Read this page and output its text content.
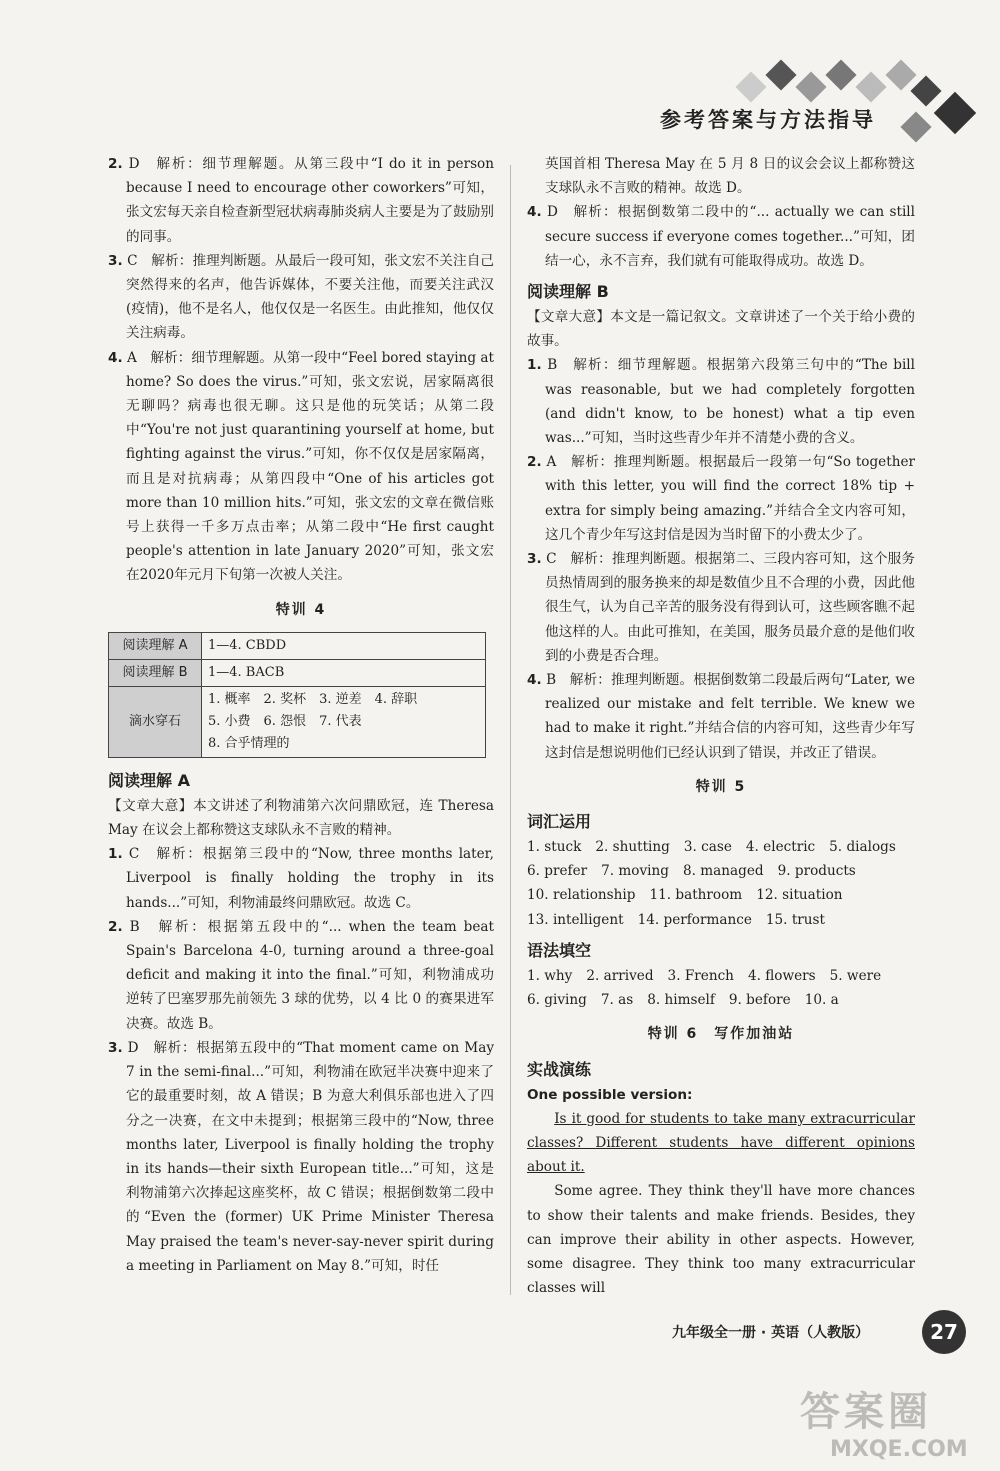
参考答案与方法指导
2. D　解析：细节理解题。从第三段中“I do it in person because I need to encourage other coworkers”可知，张文宏每天亲自检查新型冠状病毒肺炎病人主要是为了鼓励别的同事。
3. C　解析：推理判断题。从最后一段可知，张文宏不关注自己突然得来的名声，他告诉媒体，不要关注他，而要关注武汉(疫情)，他不是名人，他仅仅是一名医生。由此推知，他仅仅关注病毒。
4. A　解析：细节理解题。从第一段中“Feel bored staying at home? So does the virus.”可知，张文宏说，居家隔离很无聊吗？病毒也很无聊。这只是他的玩笑话；从第二段中“You're not just quarantining yourself at home, but fighting against the virus.”可知，你不仅仅是居家隔离，而且是对抗病毒；从第四段中“One of his articles got more than 10 million hits.”可知，张文宏的文章在微信账号上获得一千多万点击率；从第二段中“He first caught people's attention in late January 2020”可知，张文宏在2020年元月下旬第一次被人关注。
特训 4
阅读理解 A	1—4. CBDD
阅读理解 B	1—4. BACB
滴水穿石	1. 概率　2. 奖杯　3. 逆差　4. 辞职
5. 小费　6. 怨恨　7. 代表
8. 合乎情理的
阅读理解 A
【文章大意】本文讲述了利物浦第六次问鼎欧冠，连 Theresa May 在议会上都称赞这支球队永不言败的精神。
1. C　解析：根据第三段中的“Now, three months later, Liverpool is finally holding the trophy in its hands...”可知，利物浦最终问鼎欧冠。故选 C。
2. B　解析：根据第五段中的“... when the team beat Spain's Barcelona 4-0, turning around a three-goal deficit and making it into the final.”可知，利物浦成功逆转了巴塞罗那先前领先 3 球的优势，以 4 比 0 的赛果进军决赛。故选 B。
3. D　解析：根据第五段中的“That moment came on May 7 in the semi-final...”可知，利物浦在欧冠半决赛中迎来了它的最重要时刻，故 A 错误；B 为意大利俱乐部也进入了四分之一决赛，在文中未提到；根据第三段中的“Now, three months later, Liverpool is finally holding the trophy in its hands—their sixth European title...”可知，这是利物浦第六次捧起这座奖杯，故 C 错误；根据倒数第二段中的“Even the (former) UK Prime Minister Theresa May praised the team's never-say-never spirit during a meeting in Parliament on May 8.”可知，时任
英国首相 Theresa May 在 5 月 8 日的议会会议上都称赞这支球队永不言败的精神。故选 D。
4. D　解析：根据倒数第二段中的“... actually we can still secure success if everyone comes together...”可知，团结一心，永不言弃，我们就有可能取得成功。故选 D。
阅读理解 B
【文章大意】本文是一篇记叙文。文章讲述了一个关于给小费的故事。
1. B　解析：细节理解题。根据第六段第三句中的“The bill was reasonable, but we had completely forgotten (and didn't know, to be honest) what a tip even was...”可知，当时这些青少年并不清楚小费的含义。
2. A　解析：推理判断题。根据最后一段第一句“So together with this letter, you will find the correct 18% tip + extra for simply being amazing.”并结合全文内容可知，这几个青少年写这封信是因为当时留下的小费太少了。
3. C　解析：推理判断题。根据第二、三段内容可知，这个服务员热情周到的服务换来的却是数值少且不合理的小费，因此他很生气，认为自己辛苦的服务没有得到认可，这些顾客瞧不起他这样的人。由此可推知，在美国，服务员最介意的是他们收到的小费是否合理。
4. B　解析：推理判断题。根据倒数第二段最后两句“Later, we realized our mistake and felt terrible. We knew we had to make it right.”并结合信的内容可知，这些青少年写这封信是想说明他们已经认识到了错误，并改正了错误。
特训 5
词汇运用
1. stuck 2. shutting 3. case 4. electric 5. dialogs
6. prefer 7. moving 8. managed 9. products
10. relationship 11. bathroom 12. situation
13. intelligent 14. performance 15. trust
语法填空
1. why 2. arrived 3. French 4. flowers 5. were
6. giving 7. as 8. himself 9. before 10. a
特训 6　写作加油站
实战演练
One possible version:
Is it good for students to take many extracurricular classes? Different students have different opinions about it.
Some agree. They think they'll have more chances to show their talents and make friends. Besides, they can improve their ability in other aspects. However, some disagree. They think too many extracurricular classes will
九年级全一册 · 英语（人教版）	27
答案圈
MXQE.COM
